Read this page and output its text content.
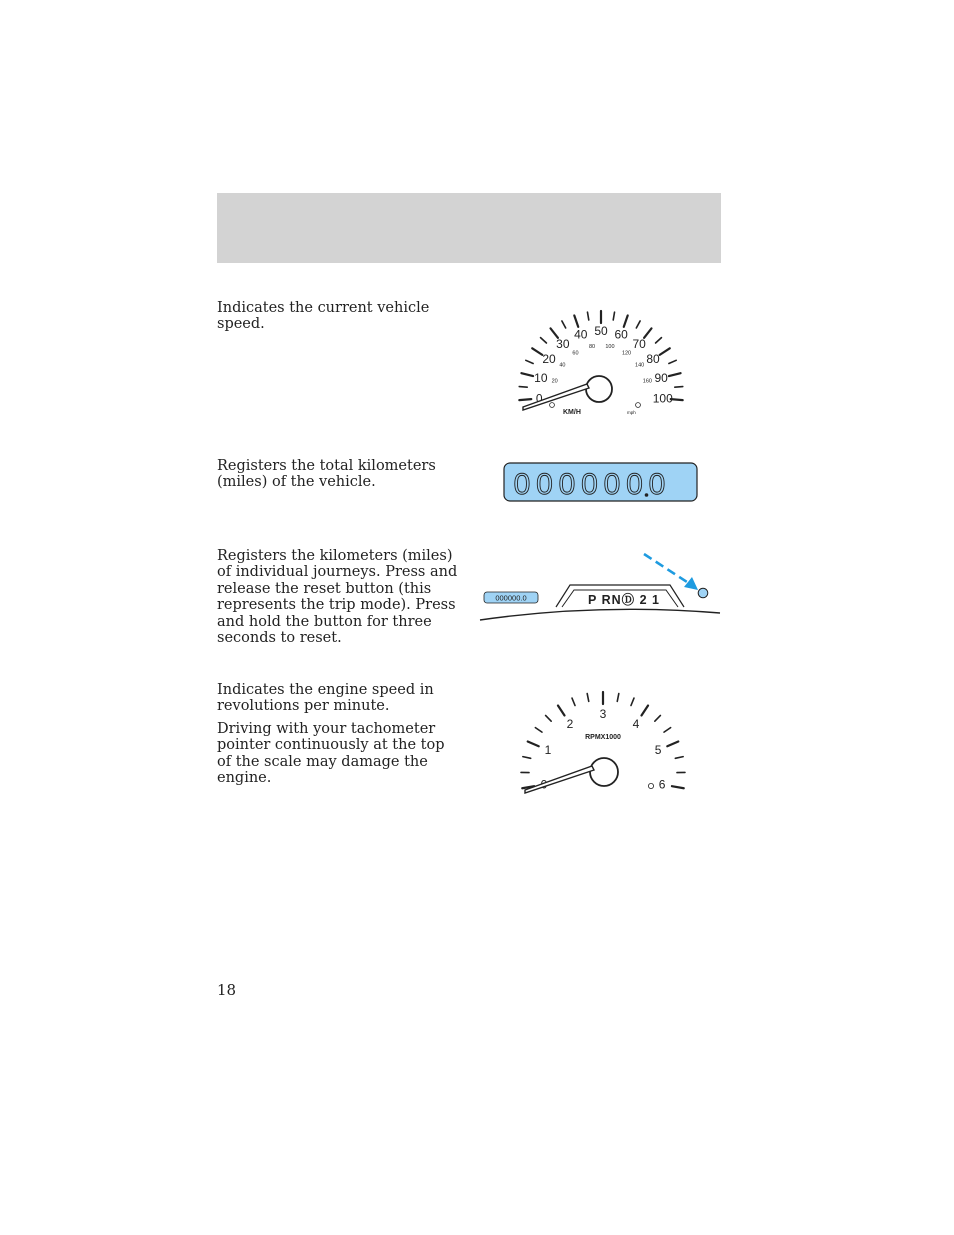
Indicates the current vehicle speed.

0
10
20
30
40 50 60
70
80
90
100
20
40
60
80 100
120
140
160
KM/H	mph

Registers the total kilometers (miles) of the vehicle.	0 0 0 0 0 0 0

Registers the kilometers (miles) of individual journeys. Press and release the reset button (this represents the trip mode). Press and hold the button for three seconds to reset.

000000.0	P RNⒹ 2 1

Indicates the engine speed in revolutions per minute.

Driving with your tachometer pointer continuously at the top of the scale may damage the engine.

1
2
3
4
5
6
RPMX1000
18
